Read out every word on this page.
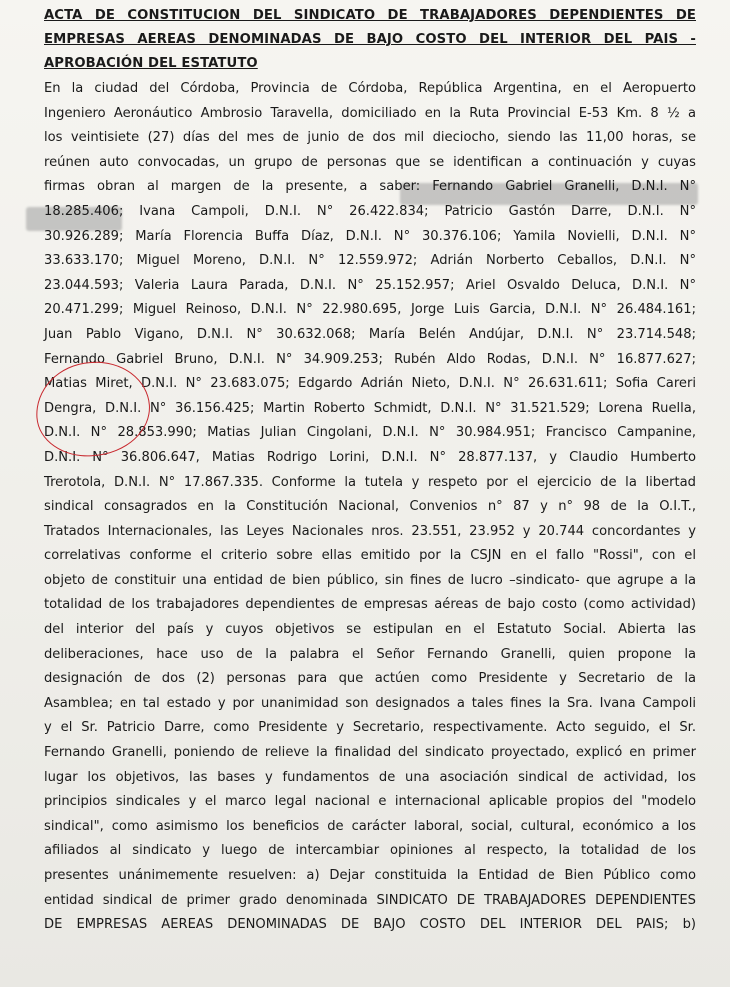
ACTA DE CONSTITUCION DEL SINDICATO DE TRABAJADORES DEPENDIENTES DE
EMPRESAS AEREAS DENOMINADAS DE BAJO COSTO DEL INTERIOR DEL PAIS -
APROBACIÓN DEL ESTATUTO
En la ciudad del Córdoba, Provincia de Córdoba, República Argentina, en el Aeropuerto
Ingeniero Aeronáutico Ambrosio Taravella, domiciliado en la Ruta Provincial E-53 Km. 8 ½ a
los veintisiete (27) días del mes de junio de dos mil dieciocho, siendo las 11,00 horas, se
reúnen auto convocadas, un grupo de personas que se identifican a continuación y cuyas
firmas obran al margen de la presente, a saber: Fernando Gabriel Granelli, D.N.I. N°
18.285.406; Ivana Campoli, D.N.I. N° 26.422.834; Patricio Gastón Darre, D.N.I. N°
30.926.289; María Florencia Buffa Díaz, D.N.I. N° 30.376.106; Yamila Novielli, D.N.I. N°
33.633.170; Miguel Moreno, D.N.I. N° 12.559.972; Adrián Norberto Ceballos, D.N.I. N°
23.044.593; Valeria Laura Parada, D.N.I. N° 25.152.957; Ariel Osvaldo Deluca, D.N.I. N°
20.471.299; Miguel Reinoso, D.N.I. N° 22.980.695, Jorge Luis Garcia, D.N.I. N° 26.484.161;
Juan Pablo Vigano, D.N.I. N° 30.632.068; María Belén Andújar, D.N.I. N° 23.714.548;
Fernando Gabriel Bruno, D.N.I. N° 34.909.253; Rubén Aldo Rodas, D.N.I. N° 16.877.627;
Matias Miret, D.N.I. N° 23.683.075; Edgardo Adrián Nieto, D.N.I. N° 26.631.611; Sofia Careri
Dengra, D.N.I. N° 36.156.425; Martin Roberto Schmidt, D.N.I. N° 31.521.529; Lorena Ruella,
D.N.I. N° 28.853.990; Matias Julian Cingolani, D.N.I. N° 30.984.951; Francisco Campanine,
D.N.I. N° 36.806.647, Matias Rodrigo Lorini, D.N.I. N° 28.877.137, y Claudio Humberto
Trerotola, D.N.I. N° 17.867.335. Conforme la tutela y respeto por el ejercicio de la libertad
sindical consagrados en la Constitución Nacional, Convenios n° 87 y n° 98 de la O.I.T.,
Tratados Internacionales, las Leyes Nacionales nros. 23.551, 23.952 y 20.744 concordantes y
correlativas conforme el criterio sobre ellas emitido por la CSJN en el fallo "Rossi", con el
objeto de constituir una entidad de bien público, sin fines de lucro –sindicato- que agrupe a la
totalidad de los trabajadores dependientes de empresas aéreas de bajo costo (como actividad)
del interior del país y cuyos objetivos se estipulan en el Estatuto Social. Abierta las
deliberaciones, hace uso de la palabra el Señor Fernando Granelli, quien propone la
designación de dos (2) personas para que actúen como Presidente y Secretario de la
Asamblea; en tal estado y por unanimidad son designados a tales fines la Sra. Ivana Campoli
y el Sr. Patricio Darre, como Presidente y Secretario, respectivamente. Acto seguido, el Sr.
Fernando Granelli, poniendo de relieve la finalidad del sindicato proyectado, explicó en primer
lugar los objetivos, las bases y fundamentos de una asociación sindical de actividad, los
principios sindicales y el marco legal nacional e internacional aplicable propios del "modelo
sindical", como asimismo los beneficios de carácter laboral, social, cultural, económico a los
afiliados al sindicato y luego de intercambiar opiniones al respecto, la totalidad de los
presentes unánimemente resuelven: a) Dejar constituida la Entidad de Bien Público como
entidad sindical de primer grado denominada SINDICATO DE TRABAJADORES DEPENDIENTES
DE EMPRESAS AEREAS DENOMINADAS DE BAJO COSTO DEL INTERIOR DEL PAIS; b)
